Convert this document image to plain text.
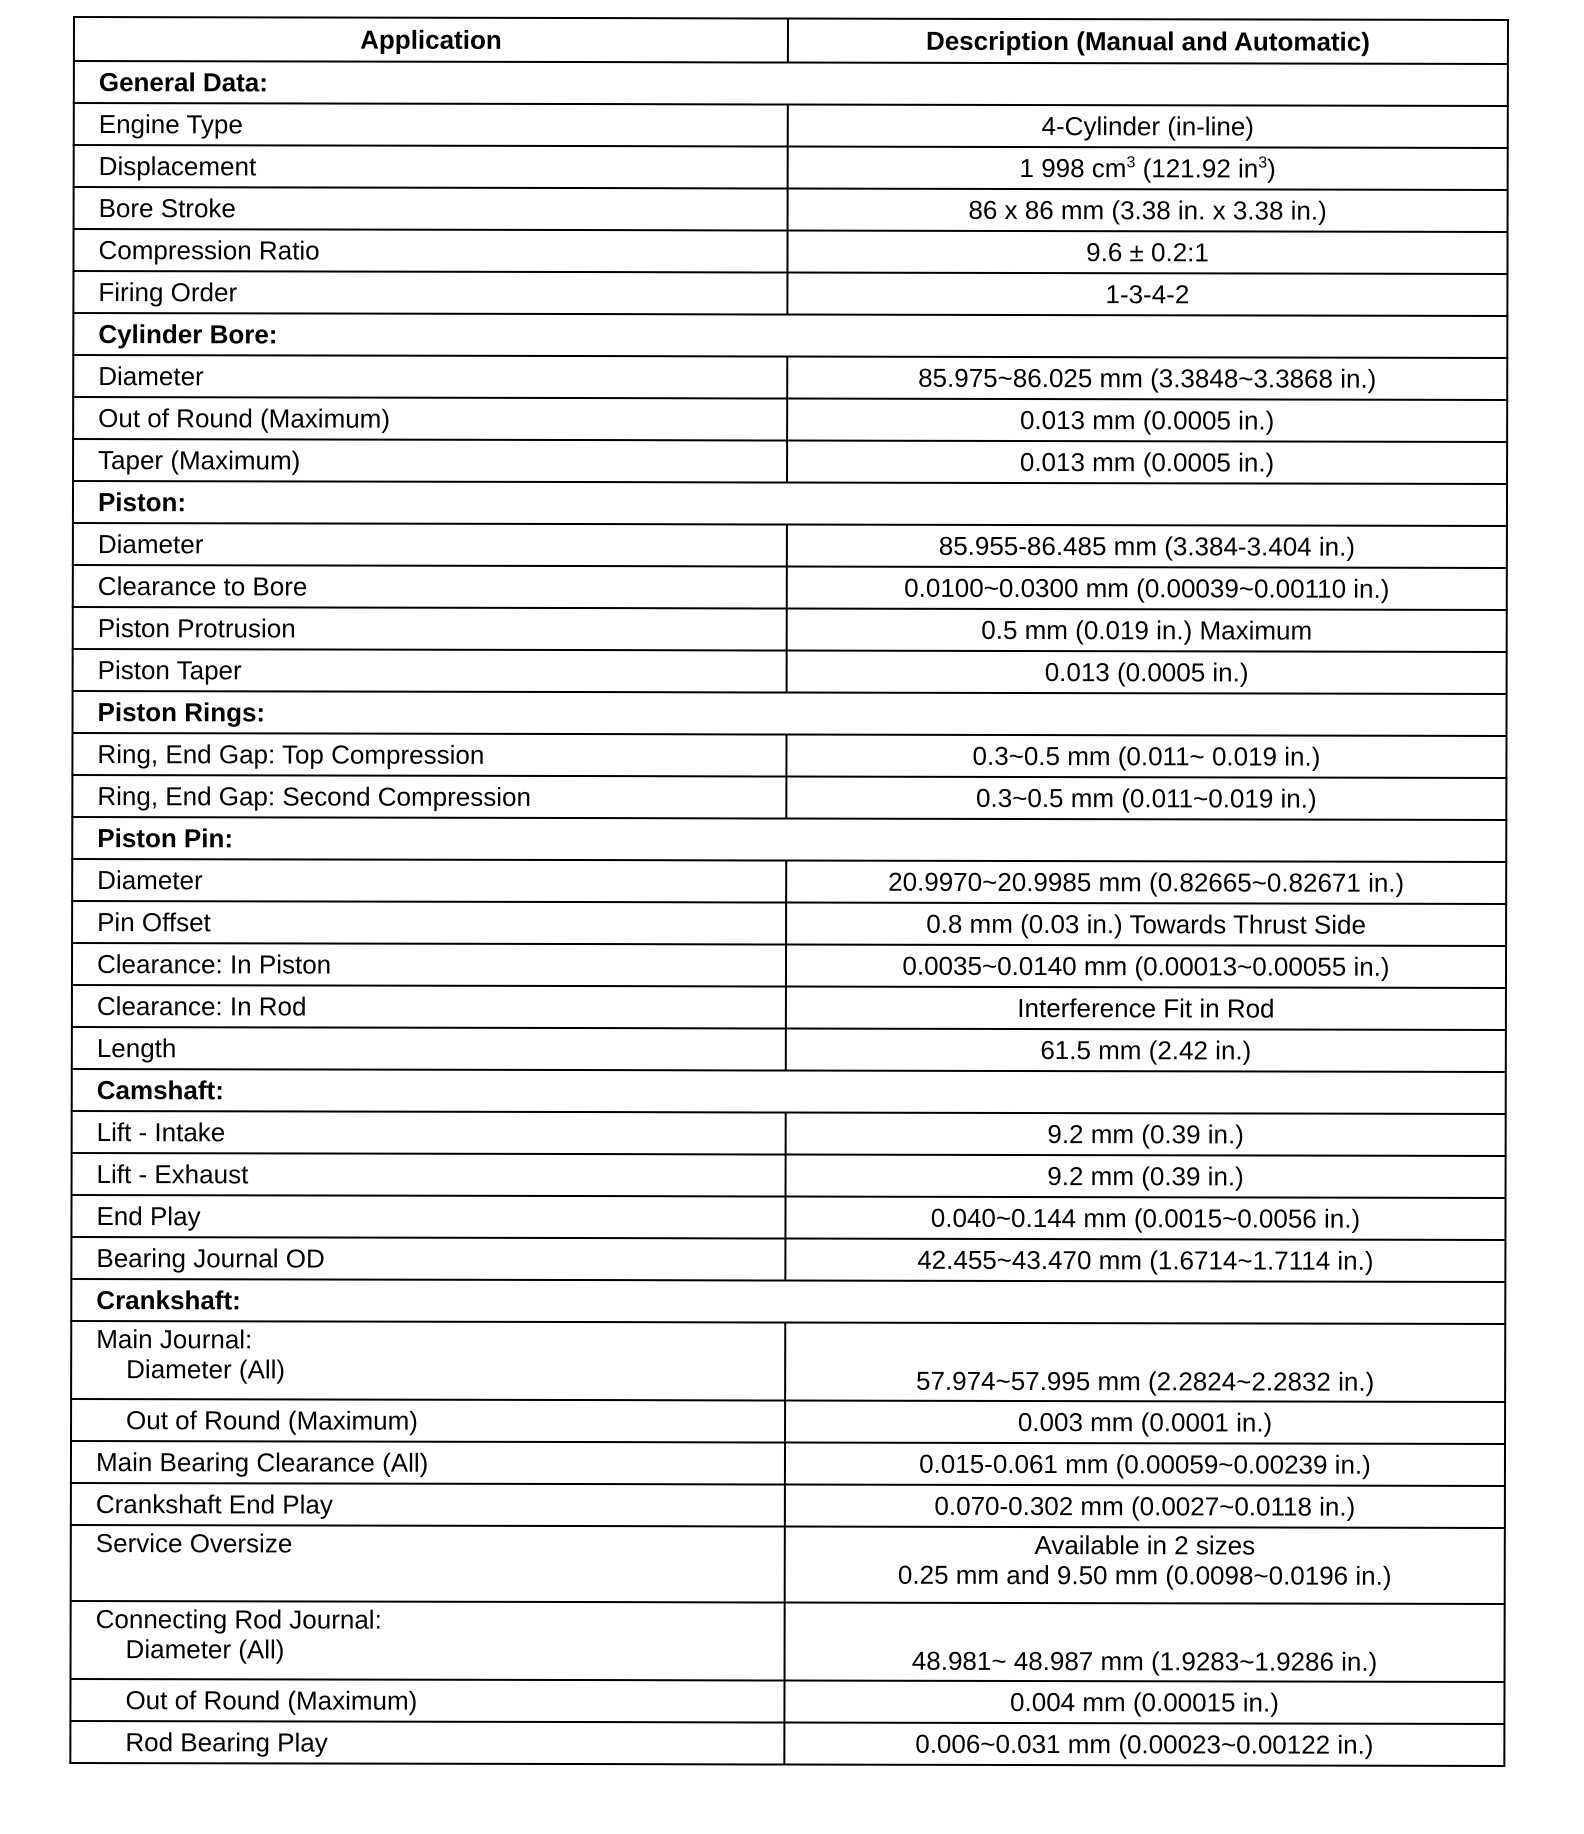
Application	Description (Manual and Automatic)
General Data:	
Engine Type	4-Cylinder (in-line)
Displacement	1 998 $cm^3$ (121.92 $in^3$)
Bore Stroke	86 x 86 mm (3.38 in. x 3.38 in.)
Compression Ratio	9.6 ± 0.2:1
Firing Order	1-3-4-2
Cylinder Bore:	
Diameter	85.975~86.025 mm (3.3848~3.3868 in.)
Out of Round (Maximum)	0.013 mm (0.0005 in.)
Taper (Maximum)	0.013 mm (0.0005 in.)
Piston:	
Diameter	85.955-86.485 mm (3.384-3.404 in.)
Clearance to Bore	0.0100~0.0300 mm (0.00039~0.00110 in.)
Piston Protrusion	0.5 mm (0.019 in.) Maximum
Piston Taper	0.013 (0.0005 in.)
Piston Rings:	
Ring, End Gap: Top Compression	0.3~0.5 mm (0.011~ 0.019 in.)
Ring, End Gap: Second Compression	0.3~0.5 mm (0.011~0.019 in.)
Piston Pin:	
Diameter	20.9970~20.9985 mm (0.82665~0.82671 in.)
Pin Offset	0.8 mm (0.03 in.) Towards Thrust Side
Clearance: In Piston	0.0035~0.0140 mm (0.00013~0.00055 in.)
Clearance: In Rod	Interference Fit in Rod
Length	61.5 mm (2.42 in.)
Camshaft:	
Lift - Intake	9.2 mm (0.39 in.)
Lift - Exhaust	9.2 mm (0.39 in.)
End Play	0.040~0.144 mm (0.0015~0.0056 in.)
Bearing Journal OD	42.455~43.470 mm (1.6714~1.7114 in.)
Crankshaft:	

Main Journal:
Diameter (All)	57.974~57.995 mm (2.2824~2.2832 in.)

Out of Round (Maximum)	0.003 mm (0.0001 in.)
Main Bearing Clearance (All)	0.015-0.061 mm (0.00059~0.00239 in.)
Crankshaft End Play	0.070-0.302 mm (0.0027~0.0118 in.)
Service Oversize	Available in 2 sizes
0.25 mm and 9.50 mm (0.0098~0.0196 in.)

Connecting Rod Journal:
Diameter (All)	48.981~ 48.987 mm (1.9283~1.9286 in.)

Out of Round (Maximum)	0.004 mm (0.00015 in.)

Rod Bearing Play	0.006~0.031 mm (0.00023~0.00122 in.)
